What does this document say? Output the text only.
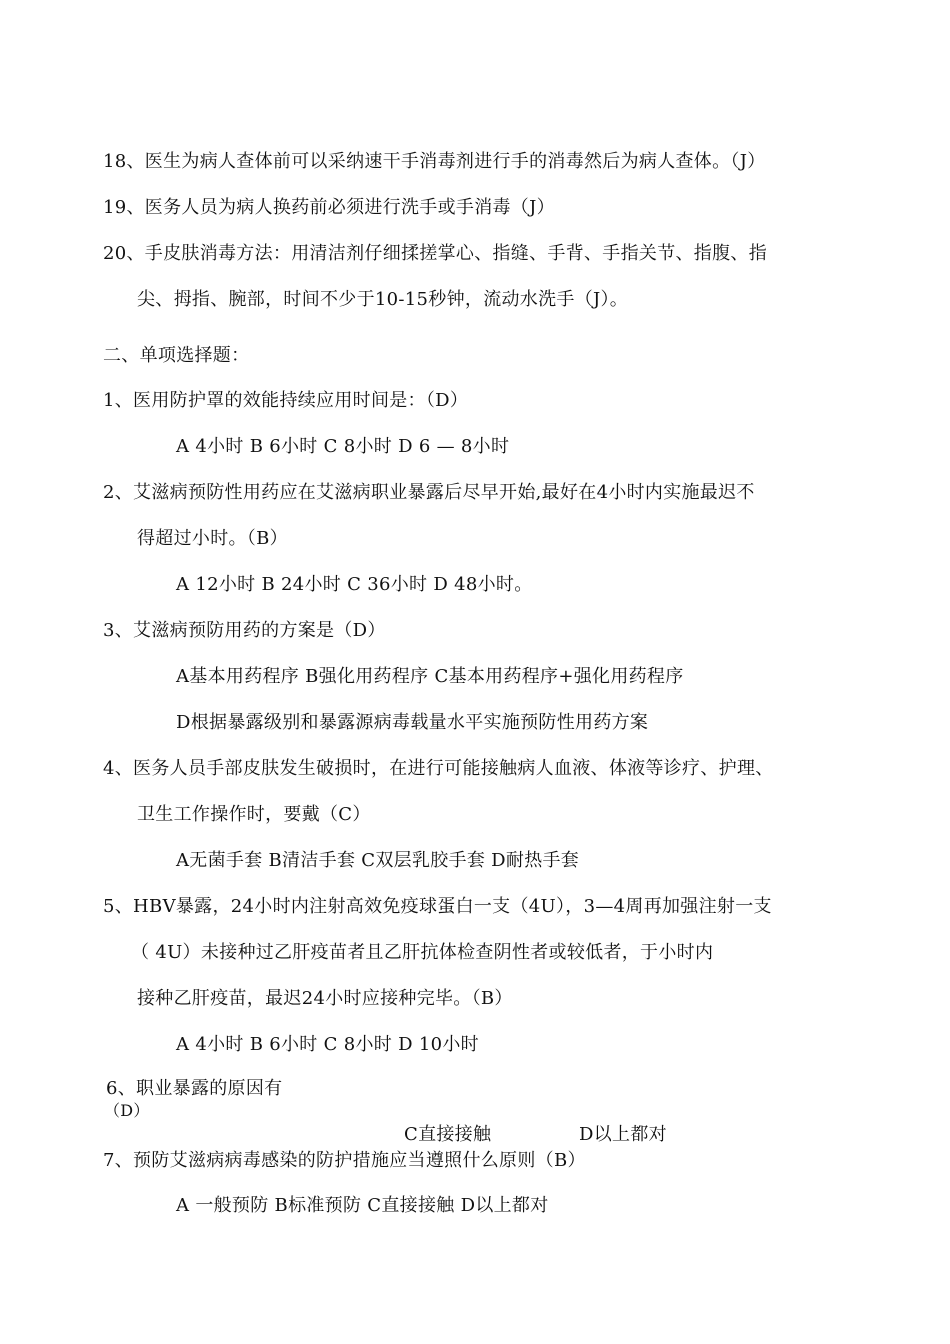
18、医生为病人查体前可以采纳速干手消毒剂进行手的消毒然后为病人查体。（J）
19、医务人员为病人换药前必须进行洗手或手消毒（J）
20、手皮肤消毒方法：用清洁剂仔细揉搓掌心、指缝、手背、手指关节、指腹、指
尖、拇指、腕部，时间不少于10-15秒钟，流动水洗手（J）。
二、单项选择题：
1、医用防护罩的效能持续应用时间是：（D）
A 4小时 B 6小时 C 8小时 D 6 — 8小时
2、艾滋病预防性用药应在艾滋病职业暴露后尽早开始,最好在4小时内实施最迟不
得超过小时。（B）
A 12小时 B 24小时 C 36小时 D 48小时。
3、艾滋病预防用药的方案是（D）
A基本用药程序 B强化用药程序 C基本用药程序+强化用药程序
D根据暴露级别和暴露源病毒载量水平实施预防性用药方案
4、医务人员手部皮肤发生破损时，在进行可能接触病人血液、体液等诊疗、护理、
卫生工作操作时，要戴（C）
A无菌手套 B清洁手套 C双层乳胶手套 D耐热手套
5、HBV暴露，24小时内注射高效免疫球蛋白一支（4U），3—4周再加强注射一支
（ 4U）未接种过乙肝疫苗者且乙肝抗体检查阴性者或较低者，于小时内
接种乙肝疫苗，最迟24小时应接种完毕。（B）
A 4小时 B 6小时 C 8小时 D 10小时
6、职业暴露的原因有
（D）
C直接接触	D以上都对
7、预防艾滋病病毒感染的防护措施应当遵照什么原则（B）
A 一般预防 B标准预防 C直接接触 D以上都对
